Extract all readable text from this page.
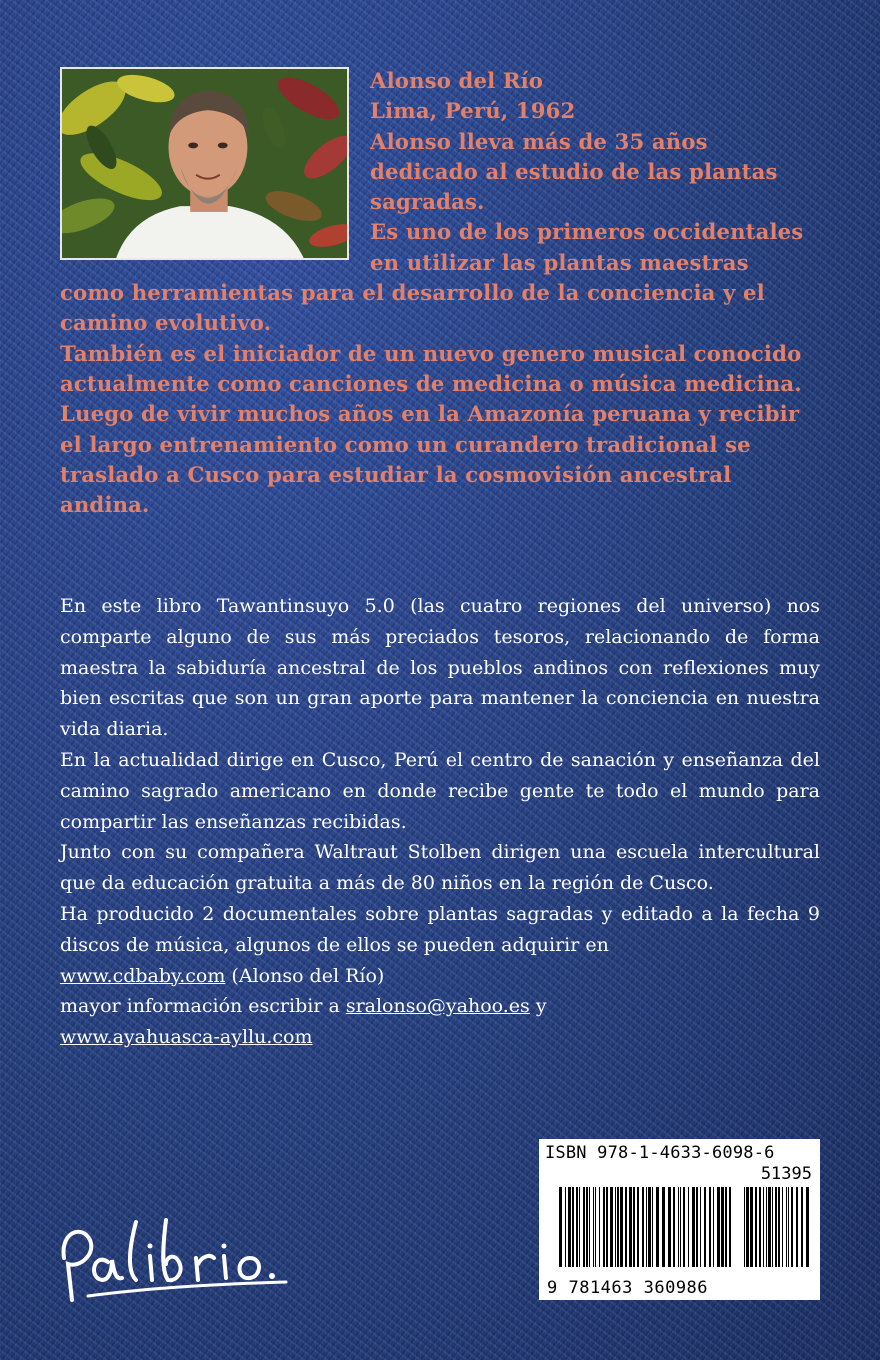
Alonso del Río

Lima, Perú, 1962

Alonso lleva más de 35 años dedicado al estudio de las plantas sagradas.

Es uno de los primeros occidentales en utilizar las plantas maestras como herramientas para el desarrollo de la conciencia y el camino evolutivo.

También es el iniciador de un nuevo genero musical conocido actualmente como canciones de medicina o música medicina.

Luego de vivir muchos años en la Amazonía peruana y recibir el largo entrenamiento como un curandero tradicional se traslado a Cusco para estudiar la cosmovisión ancestral andina.

En este libro Tawantinsuyo 5.0 (las cuatro regiones del universo) nos comparte alguno de sus más preciados tesoros, relacionando de forma maestra la sabiduría ancestral de los pueblos andinos con reflexiones muy bien escritas que son un gran aporte para mantener la conciencia en nuestra vida diaria.

En la actualidad dirige en Cusco, Perú el centro de sanación y enseñanza del camino sagrado americano en donde recibe gente te todo el mundo para compartir las enseñanzas recibidas.

Junto con su compañera Waltraut Stolben dirigen una escuela intercultural que da educación gratuita a más de 80 niños en la región de Cusco.

Ha producido 2 documentales sobre plantas sagradas y editado a la fecha 9 discos de música, algunos de ellos se pueden adquirir en

www.cdbaby.com (Alonso del Río)

mayor información escribir a sralonso@yahoo.es y

www.ayahuasca-ayllu.com

ISBN 978-1-4633-6098-6
51395
9 781463 360986
